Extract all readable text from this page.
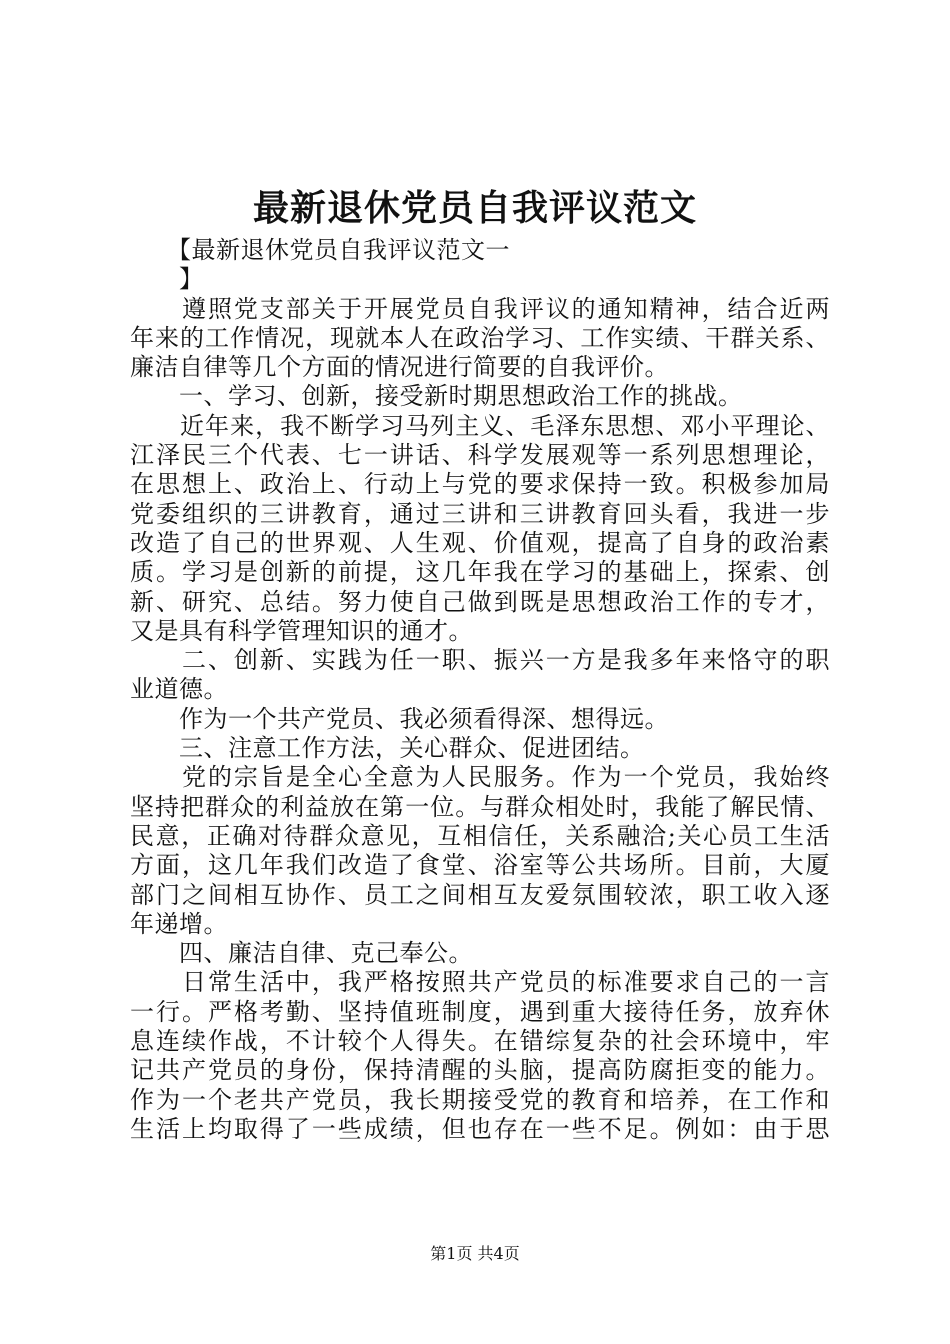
最新退休党员自我评议范文
　　【最新退休党员自我评议范文一
　　】
　　遵照党支部关于开展党员自我评议的通知精神，结合近两
年来的工作情况，现就本人在政治学习、工作实绩、干群关系、
廉洁自律等几个方面的情况进行简要的自我评价。
　　一、学习、创新，接受新时期思想政治工作的挑战。
　　近年来，我不断学习马列主义、毛泽东思想、邓小平理论、
江泽民三个代表、七一讲话、科学发展观等一系列思想理论，
在思想上、政治上、行动上与党的要求保持一致。积极参加局
党委组织的三讲教育，通过三讲和三讲教育回头看，我进一步
改造了自己的世界观、人生观、价值观，提高了自身的政治素
质。学习是创新的前提，这几年我在学习的基础上，探索、创
新、研究、总结。努力使自己做到既是思想政治工作的专才，
又是具有科学管理知识的通才。
　　二、创新、实践为任一职、振兴一方是我多年来恪守的职
业道德。
　　作为一个共产党员、我必须看得深、想得远。
　　三、注意工作方法，关心群众、促进团结。
　　党的宗旨是全心全意为人民服务。作为一个党员，我始终
坚持把群众的利益放在第一位。与群众相处时，我能了解民情、
民意，正确对待群众意见，互相信任，关系融洽;关心员工生活
方面，这几年我们改造了食堂、浴室等公共场所。目前，大厦
部门之间相互协作、员工之间相互友爱氛围较浓，职工收入逐
年递增。
　　四、廉洁自律、克己奉公。
　　日常生活中，我严格按照共产党员的标准要求自己的一言
一行。严格考勤、坚持值班制度，遇到重大接待任务，放弃休
息连续作战，不计较个人得失。在错综复杂的社会环境中，牢
记共产党员的身份，保持清醒的头脑，提高防腐拒变的能力。
作为一个老共产党员，我长期接受党的教育和培养，在工作和
生活上均取得了一些成绩，但也存在一些不足。例如：由于思
第1页 共4页
